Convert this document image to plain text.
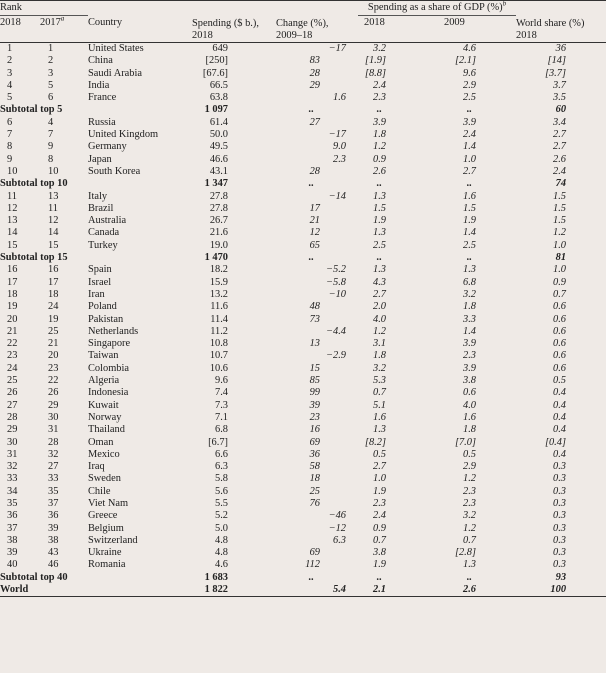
Rank			Spending ($ b.),	Change (%),	Spending as a share of GDP (%)$^b$		World share (%)
2018	2017$^a$	Country			2018	2009	
			2018	2009–18			2018
1	1	United States	649	−17	3.2	4.6	36
2	2	China	[250]	83	[1.9]	[2.1]	[14]
3	3	Saudi Arabia	[67.6]	28	[8.8]	9.6	[3.7]
4	5	India	66.5	29	2.4	2.9	3.7
5	6	France	63.8	1.6	2.3	2.5	3.5
Subtotal top 5			1 097	..	..	..	60
6	4	Russia	61.4	27	3.9	3.9	3.4
7	7	United Kingdom	50.0	−17	1.8	2.4	2.7
8	9	Germany	49.5	9.0	1.2	1.4	2.7
9	8	Japan	46.6	2.3	0.9	1.0	2.6
10	10	South Korea	43.1	28	2.6	2.7	2.4
Subtotal top 10			1 347	..	..	..	74
11	13	Italy	27.8	−14	1.3	1.6	1.5
12	11	Brazil	27.8	17	1.5	1.5	1.5
13	12	Australia	26.7	21	1.9	1.9	1.5
14	14	Canada	21.6	12	1.3	1.4	1.2
15	15	Turkey	19.0	65	2.5	2.5	1.0
Subtotal top 15			1 470	..	..	..	81
16	16	Spain	18.2	−5.2	1.3	1.3	1.0
17	17	Israel	15.9	−5.8	4.3	6.8	0.9
18	18	Iran	13.2	−10	2.7	3.2	0.7
19	24	Poland	11.6	48	2.0	1.8	0.6
20	19	Pakistan	11.4	73	4.0	3.3	0.6
21	25	Netherlands	11.2	−4.4	1.2	1.4	0.6
22	21	Singapore	10.8	13	3.1	3.9	0.6
23	20	Taiwan	10.7	−2.9	1.8	2.3	0.6
24	23	Colombia	10.6	15	3.2	3.9	0.6
25	22	Algeria	9.6	85	5.3	3.8	0.5
26	26	Indonesia	7.4	99	0.7	0.6	0.4
27	29	Kuwait	7.3	39	5.1	4.0	0.4
28	30	Norway	7.1	23	1.6	1.6	0.4
29	31	Thailand	6.8	16	1.3	1.8	0.4
30	28	Oman	[6.7]	69	[8.2]	[7.0]	[0.4]
31	32	Mexico	6.6	36	0.5	0.5	0.4
32	27	Iraq	6.3	58	2.7	2.9	0.3
33	33	Sweden	5.8	18	1.0	1.2	0.3
34	35	Chile	5.6	25	1.9	2.3	0.3
35	37	Viet Nam	5.5	76	2.3	2.3	0.3
36	36	Greece	5.2	−46	2.4	3.2	0.3
37	39	Belgium	5.0	−12	0.9	1.2	0.3
38	38	Switzerland	4.8	6.3	0.7	0.7	0.3
39	43	Ukraine	4.8	69	3.8	[2.8]	0.3
40	46	Romania	4.6	112	1.9	1.3	0.3
Subtotal top 40			1 683	..	..	..	93
World			1 822	5.4	2.1	2.6	100
